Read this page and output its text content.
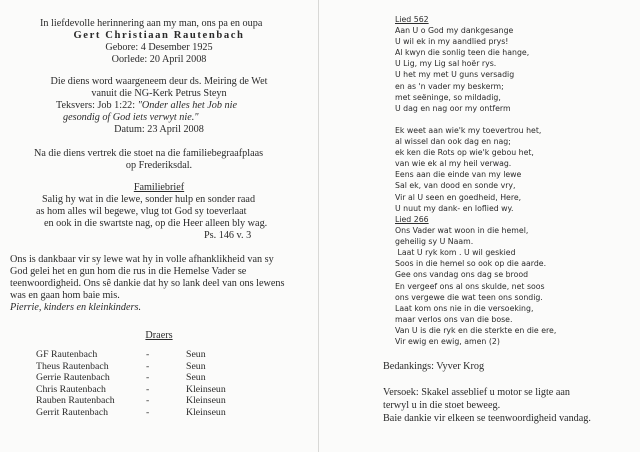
In liefdevolle herinnering aan my man, ons pa en oupa
Gert Christiaan Rautenbach
Gebore: 4 Desember 1925
Oorlede: 20 April 2008
Die diens word waargeneem deur ds. Meiring de Wet
vanuit die NG-Kerk Petrus Steyn
Teksvers: Job 1:22: "Onder alles het Job nie
gesondig of God iets verwyt nie."
Datum: 23 April 2008
Na die diens vertrek die stoet na die familiebegraafplaas
op Frederiksdal.
Familiebrief
Salig hy wat in die lewe, sonder hulp en sonder raad
as hom alles wil begewe, vlug tot God sy toeverlaat
en ook in die swartste nag, op die Heer alleen bly wag.
Ps. 146 v. 3
Ons is dankbaar vir sy lewe wat hy in volle afhanklikheid van sy
God gelei het en gun hom die rus in die Hemelse Vader se
teenwoordigheid. Ons sê dankie dat hy so lank deel van ons lewens
was en gaan hom baie mis.
Pierrie, kinders en kleinkinders.
Draers
GF Rautenbach	-	Seun
Theus Rautenbach	-	Seun
Gerrie Rautenbach	-	Seun
Chris Rautenbach	-	Kleinseun
Rauben Rautenbach	-	Kleinseun
Gerrit Rautenbach	-	Kleinseun
Lied 562
Aan U o God my dankgesange
U wil ek in my aandlied prys!
Al kwyn die sonlig teen die hange,
U Lig, my Lig sal hoër rys.
U het my met U guns versadig
en as 'n vader my beskerm;
met seëninge, so mildadig,
U dag en nag oor my ontferm
Ek weet aan wie'k my toevertrou het,
al wissel dan ook dag en nag;
ek ken die Rots op wie'k gebou het,
van wie ek al my heil verwag.
Eens aan die einde van my lewe
Sal ek, van dood en sonde vry,
Vir al U seen en goedheid, Here,
U nuut my dank- en loflied wy.
Lied 266
Ons Vader wat woon in die hemel,
geheilig sy U Naam.
Laat U ryk kom . U wil geskied
Soos in die hemel so ook op die aarde.
Gee ons vandag ons dag se brood
En vergeef ons al ons skulde, net soos
ons vergewe die wat teen ons sondig.
Laat kom ons nie in die versoeking,
maar verlos ons van die bose.
Van U is die ryk en die sterkte en die ere,
Vir ewig en ewig, amen (2)
Bedankings: Vyver Krog
Versoek: Skakel asseblief u motor se ligte aan
terwyl u in die stoet beweeg.
Baie dankie vir elkeen se teenwoordigheid vandag.
